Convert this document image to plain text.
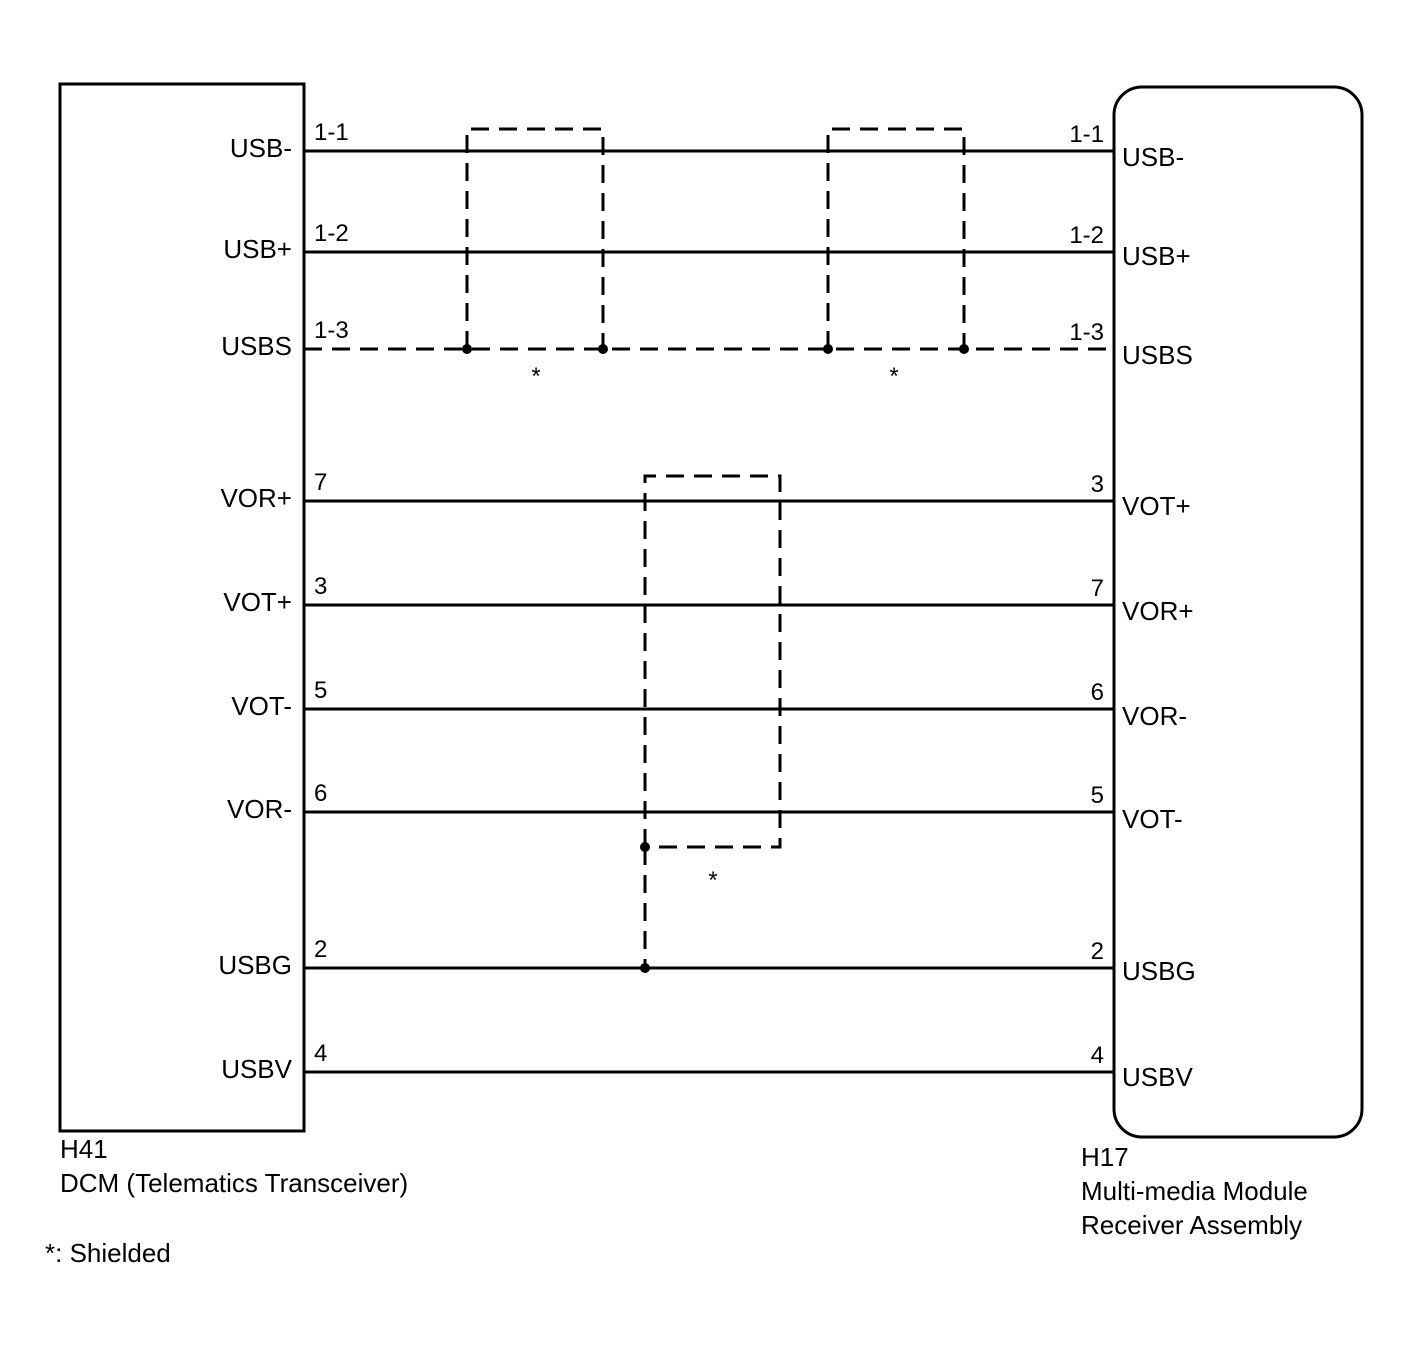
*	*
*
USB-
1-1	1-1
USB-
USB+
1-2	1-2
USB+
USBS
1-3	1-3
USBS
VOR+
7	3
VOT+
VOT+
3	7
VOR+
VOT-
5	6
VOR-
VOR-
6	5
VOT-
USBG
2	2
USBG
USBV
4	4
USBV
H41
DCM (Telematics Transceiver)
H17
Multi-media Module
Receiver Assembly
*: Shielded
